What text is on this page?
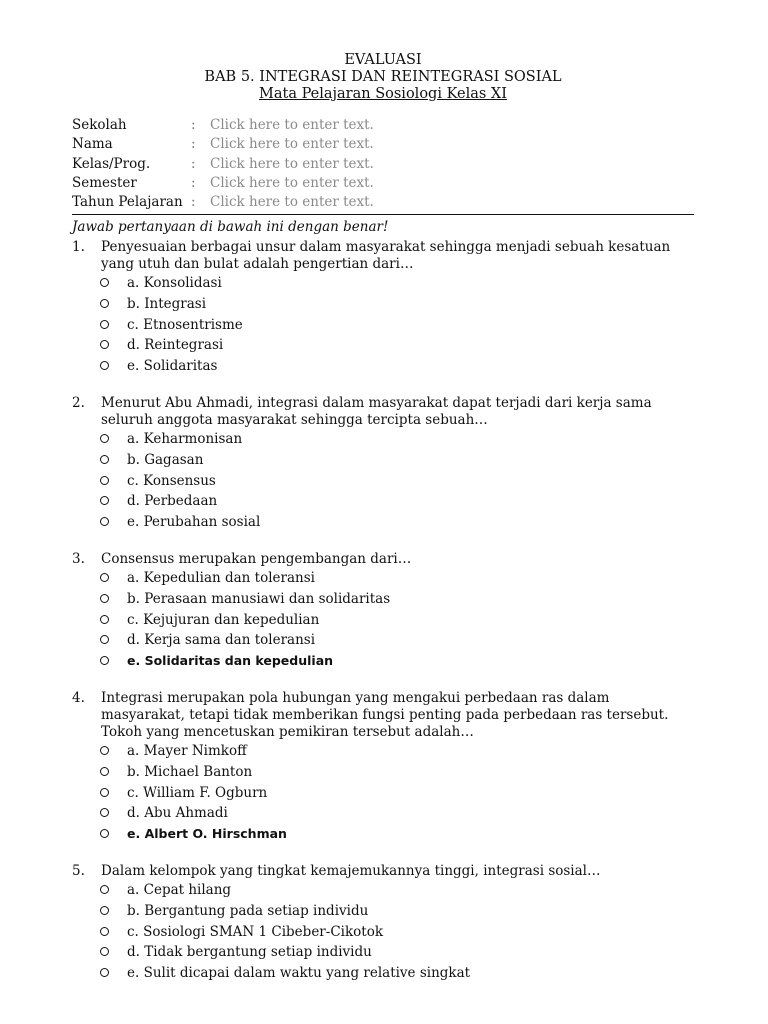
EVALUASI
BAB 5. INTEGRASI DAN REINTEGRASI SOSIAL
Mata Pelajaran Sosiologi Kelas XI
Sekolah	: Click here to enter text.
Nama	: Click here to enter text.
Kelas/Prog.	: Click here to enter text.
Semester	: Click here to enter text.
Tahun Pelajaran : Click here to enter text.
Jawab pertanyaan di bawah ini dengan benar!
1. Penyesuaian berbagai unsur dalam masyarakat sehingga menjadi sebuah kesatuan yang utuh dan bulat adalah pengertian dari…
a. Konsolidasi
b. Integrasi
c. Etnosentrisme
d. Reintegrasi
e. Solidaritas
2. Menurut Abu Ahmadi, integrasi dalam masyarakat dapat terjadi dari kerja sama seluruh anggota masyarakat sehingga tercipta sebuah…
a. Keharmonisan
b. Gagasan
c. Konsensus
d. Perbedaan
e. Perubahan sosial
3. Consensus merupakan pengembangan dari…
a. Kepedulian dan toleransi
b. Perasaan manusiawi dan solidaritas
c. Kejujuran dan kepedulian
d. Kerja sama dan toleransi
e. Solidaritas dan kepedulian
4. Integrasi merupakan pola hubungan yang mengakui perbedaan ras dalam masyarakat, tetapi tidak memberikan fungsi penting pada perbedaan ras tersebut. Tokoh yang mencetuskan pemikiran tersebut adalah…
a. Mayer Nimkoff
b. Michael Banton
c. William F. Ogburn
d. Abu Ahmadi
e. Albert O. Hirschman
5. Dalam kelompok yang tingkat kemajemukannya tinggi, integrasi sosial…
a. Cepat hilang
b. Bergantung pada setiap individu
c. Sosiologi SMAN 1 Cibeber-Cikotok
d. Tidak bergantung setiap individu
e. Sulit dicapai dalam waktu yang relative singkat
